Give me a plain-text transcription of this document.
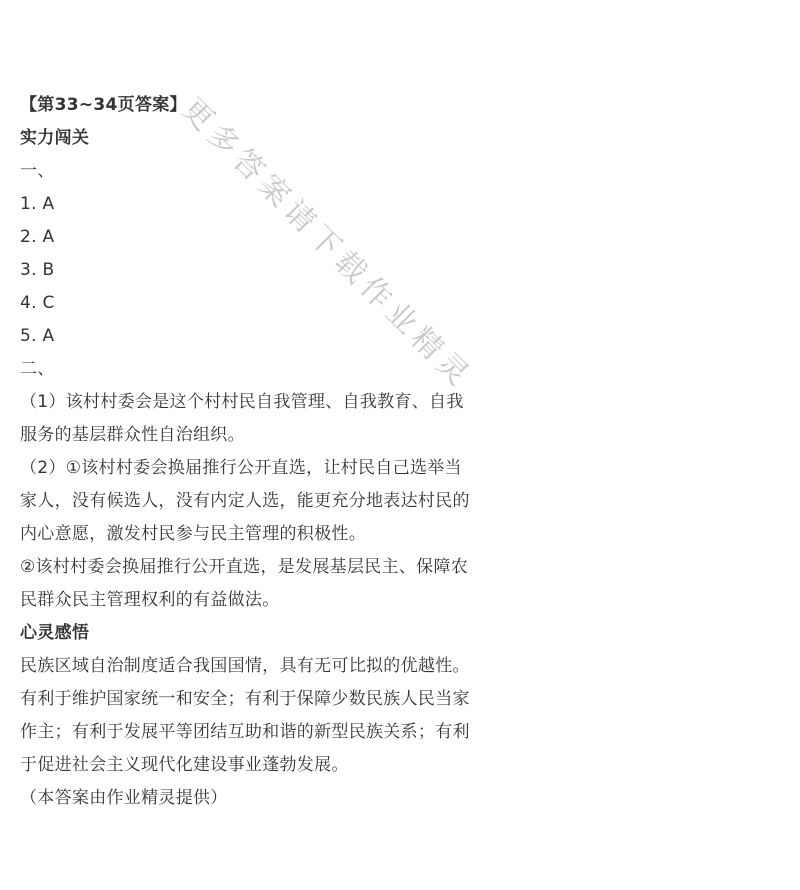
【第33~34页答案】
实力闯关
一、
1. A
2. A
3. B
4. C
5. A
二、
（1）该村村委会是这个村村民自我管理、自我教育、自我
服务的基层群众性自治组织。
（2）①该村村委会换届推行公开直选，让村民自己选举当
家人，没有候选人，没有内定人选，能更充分地表达村民的
内心意愿，激发村民参与民主管理的积极性。
②该村村委会换届推行公开直选，是发展基层民主、保障农
民群众民主管理权利的有益做法。
心灵感悟
民族区域自治制度适合我国国情，具有无可比拟的优越性。
有利于维护国家统一和安全；有利于保障少数民族人民当家
作主；有利于发展平等团结互助和谐的新型民族关系；有利
于促进社会主义现代化建设事业蓬勃发展。
（本答案由作业精灵提供）
更多答案请下载作业精灵
